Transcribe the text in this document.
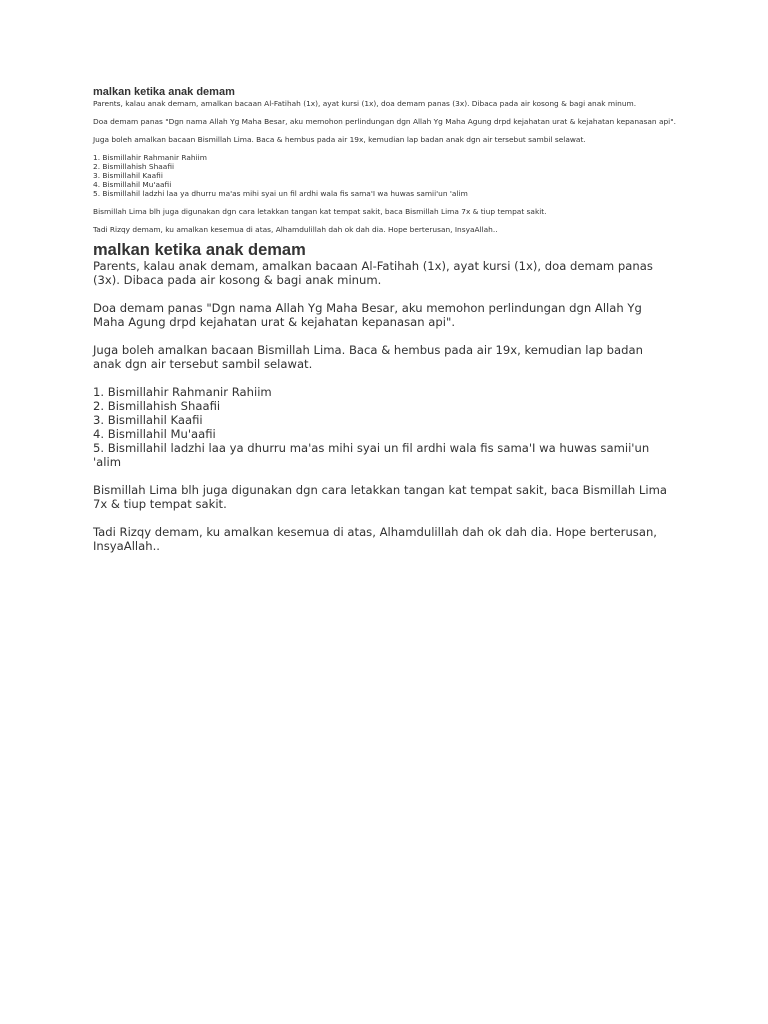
malkan ketika anak demam

Parents, kalau anak demam, amalkan bacaan Al-Fatihah (1x), ayat kursi (1x), doa demam panas (3x). Dibaca pada air kosong & bagi anak minum.

Doa demam panas "Dgn nama Allah Yg Maha Besar, aku memohon perlindungan dgn Allah Yg Maha Agung drpd kejahatan urat & kejahatan kepanasan api".

Juga boleh amalkan bacaan Bismillah Lima. Baca & hembus pada air 19x, kemudian lap badan anak dgn air tersebut sambil selawat.

1. Bismillahir Rahmanir Rahiim
2. Bismillahish Shaafii
3. Bismillahil Kaafii
4. Bismillahil Mu'aafii
5. Bismillahil ladzhi laa ya dhurru ma'as mihi syai un fil ardhi wala fis sama'I wa huwas samii'un 'alim

Bismillah Lima blh juga digunakan dgn cara letakkan tangan kat tempat sakit, baca Bismillah Lima 7x & tiup tempat sakit.

Tadi Rizqy demam, ku amalkan kesemua di atas, Alhamdulillah dah ok dah dia. Hope berterusan, InsyaAllah..

malkan ketika anak demam

Parents, kalau anak demam, amalkan bacaan Al-Fatihah (1x), ayat kursi (1x), doa demam panas (3x). Dibaca pada air kosong & bagi anak minum.

Doa demam panas "Dgn nama Allah Yg Maha Besar, aku memohon perlindungan dgn Allah Yg Maha Agung drpd kejahatan urat & kejahatan kepanasan api".

Juga boleh amalkan bacaan Bismillah Lima. Baca & hembus pada air 19x, kemudian lap badan anak dgn air tersebut sambil selawat.

1. Bismillahir Rahmanir Rahiim
2. Bismillahish Shaafii
3. Bismillahil Kaafii
4. Bismillahil Mu'aafii
5. Bismillahil ladzhi laa ya dhurru ma'as mihi syai un fil ardhi wala fis sama'I wa huwas samii'un 'alim

Bismillah Lima blh juga digunakan dgn cara letakkan tangan kat tempat sakit, baca Bismillah Lima 7x & tiup tempat sakit.

Tadi Rizqy demam, ku amalkan kesemua di atas, Alhamdulillah dah ok dah dia. Hope berterusan, InsyaAllah..
